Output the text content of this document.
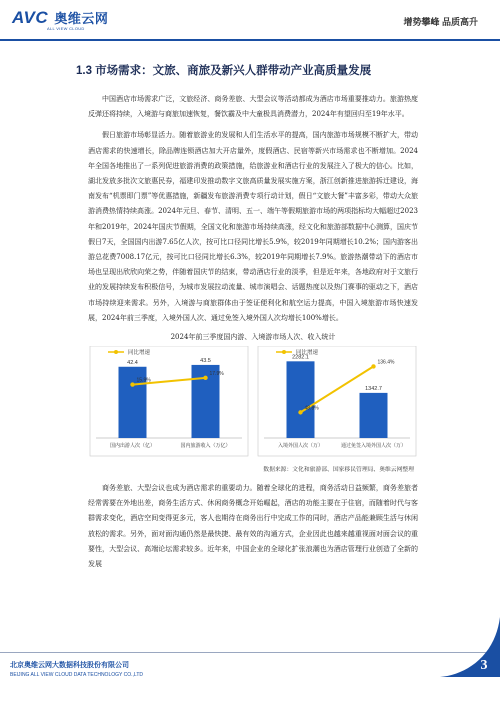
AVC 奥维云网
ALL VIEW CLOUD
增势攀峰 品质高升
1.3 市场需求：文旅、商旅及新兴人群带动产业高质量发展

中国酒店市场需求广泛，文旅经济、商务差旅、大型会议等活动都成为酒店市场重要推动力。旅游热度反弹还将持续，入境游与商旅加速恢复，餐饮霸及中大童极具消费潜力，2024年有望回归至19年水平。

假日旅游市场彰显活力。随着旅游业的发展和人们生活水平的提高，国内旅游市场规模不断扩大，带动酒店需求的快速增长，除品牌连锁酒店加大开店量外，度假酒店、民宿等新兴市场需求也不断增加。2024年全国各地推出了一系列促进旅游消费的政策措施，给旅游业和酒店行业的发展注入了极大的信心。比如，湖北发放多批次文旅惠民券，福建印发推动数字文旅高质量发展实施方案，浙江创新推进旅游拆迁建设，海南发布“机票即门票”等优惠措施，新疆发布旅游消费专项行动计划，假日“文旅大餐”丰富多彩，带动大众旅游消费热情持续高涨。2024年元旦、春节、清明、五一、端午等假期旅游市场的两项指标均大幅超过2023年和2019年，2024年国庆节假期，全国文化和旅游市场持续高涨，经文化和旅游部数据中心测算，国庆节假日7天，全国国内出游7.65亿人次，按可比口径同比增长5.9%，较2019年同期增长10.2%；国内游客出游总花费7008.17亿元，按可比口径同比增长6.3%，较2019年同期增长7.9%。旅游热潮带动下的酒店市场也呈现出欣欣向荣之势，伴随着国庆节的结束，带动酒店行业的淡季，但是近年来，各地政府对于文旅行业的发展持续发布积极信号，为城市发展拉动流量、城市演唱会、话题热度以及热门赛事的驱动之下，酒店市场持续迎来需求。另外，入境游与商旅群体由于签证便利化和航空运力提高，中国入境旅游市场快速发展，2024年前三季度，入境外国人次、通过免签入境外国人次均增长100%增长。

2024年前三季度国内游、入境游市场人次、收入统计
同比增速
42.4
国内出游人次（亿）
43.5
国内旅游收入（万亿）
15.9%
17.9%
同比增速
2282.1
入境外国人次（万）
1342.7
通过免签入境外国人次（万）
48.8%
136.4%
数据来源：文化和旅游部、国家移民管理局、奥维云网整理

商务差旅、大型会议也成为酒店需求的重要动力。随着全球化的进程，商务活动日益频繁，商务差旅者经常需要在外地出差，商务生活方式、休闲商务概念开始崛起，酒店的功能主要在于住宿，而随着时代与客群需求变化，酒店空间变得更多元，客人也期待在商务出行中完成工作的同时，酒店产品能兼顾生活与休闲放松的需求。另外，面对面沟通仍然是最快捷、最有效的沟通方式，企业因此也越来越重视面对面会议的重要性，大型会议、高端论坛需求较多。近年来，中国企业的全球化扩张浪潮也为酒店管理行业创造了全新的发展

北京奥维云网大数据科技股份有限公司
BEIJING ALL VIEW CLOUD DATA TECHNOLOGY CO.,LTD
3
